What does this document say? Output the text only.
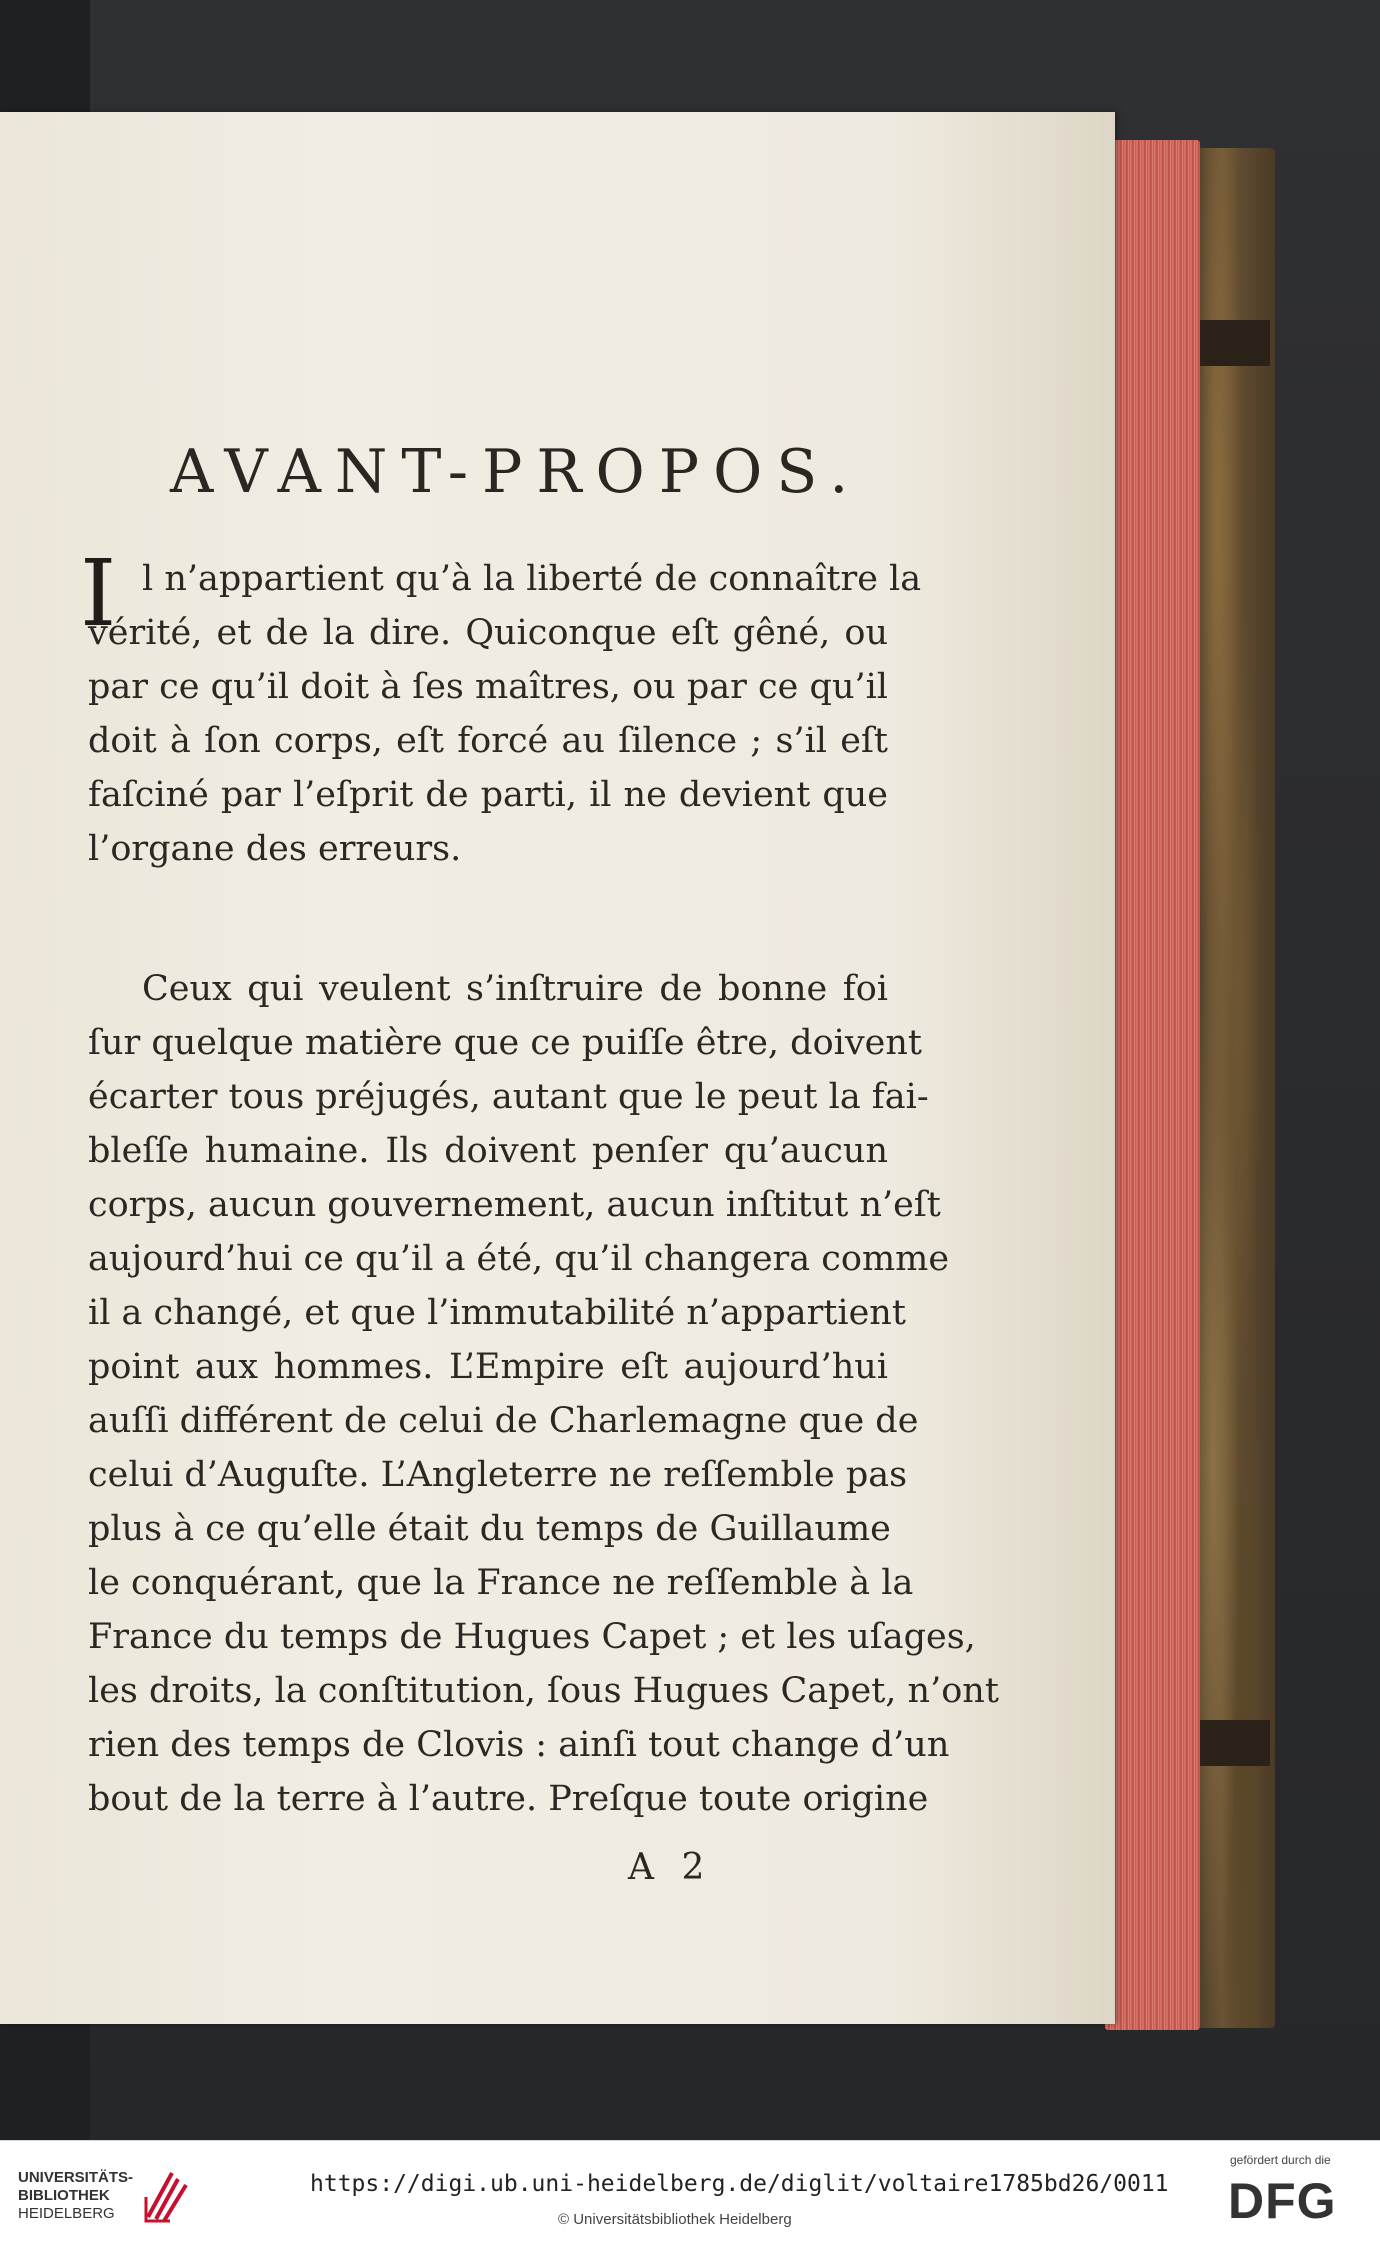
AVANT-PROPOS.
I l n’appartient qu’à la liberté de connaître la
vérité, et de la dire. Quiconque eſt gêné, ou
par ce qu’il doit à ſes maîtres, ou par ce qu’il
doit à ſon corps, eſt forcé au ſilence ; s’il eſt
faſciné par l’eſprit de parti, il ne devient que
l’organe des erreurs.
Ceux qui veulent s’inſtruire de bonne foi
ſur quelque matière que ce puiſſe être, doivent
écarter tous préjugés, autant que le peut la fai-
bleſſe humaine. Ils doivent penſer qu’aucun
corps, aucun gouvernement, aucun inſtitut n’eſt
aujourd’hui ce qu’il a été, qu’il changera comme
il a changé, et que l’immutabilité n’appartient
point aux hommes. L’Empire eſt aujourd’hui
auſſi différent de celui de Charlemagne que de
celui d’Auguſte. L’Angleterre ne reſſemble pas
plus à ce qu’elle était du temps de Guillaume
le conquérant, que la France ne reſſemble à la
France du temps de Hugues Capet ; et les uſages,
les droits, la conſtitution, ſous Hugues Capet, n’ont
rien des temps de Clovis : ainſi tout change d’un
bout de la terre à l’autre. Preſque toute origine
A 2
UNIVERSITÄTS-
BIBLIOTHEK
HEIDELBERG
https://digi.ub.uni-heidelberg.de/diglit/voltaire1785bd26/0011
© Universitätsbibliothek Heidelberg
gefördert durch die
DFG
